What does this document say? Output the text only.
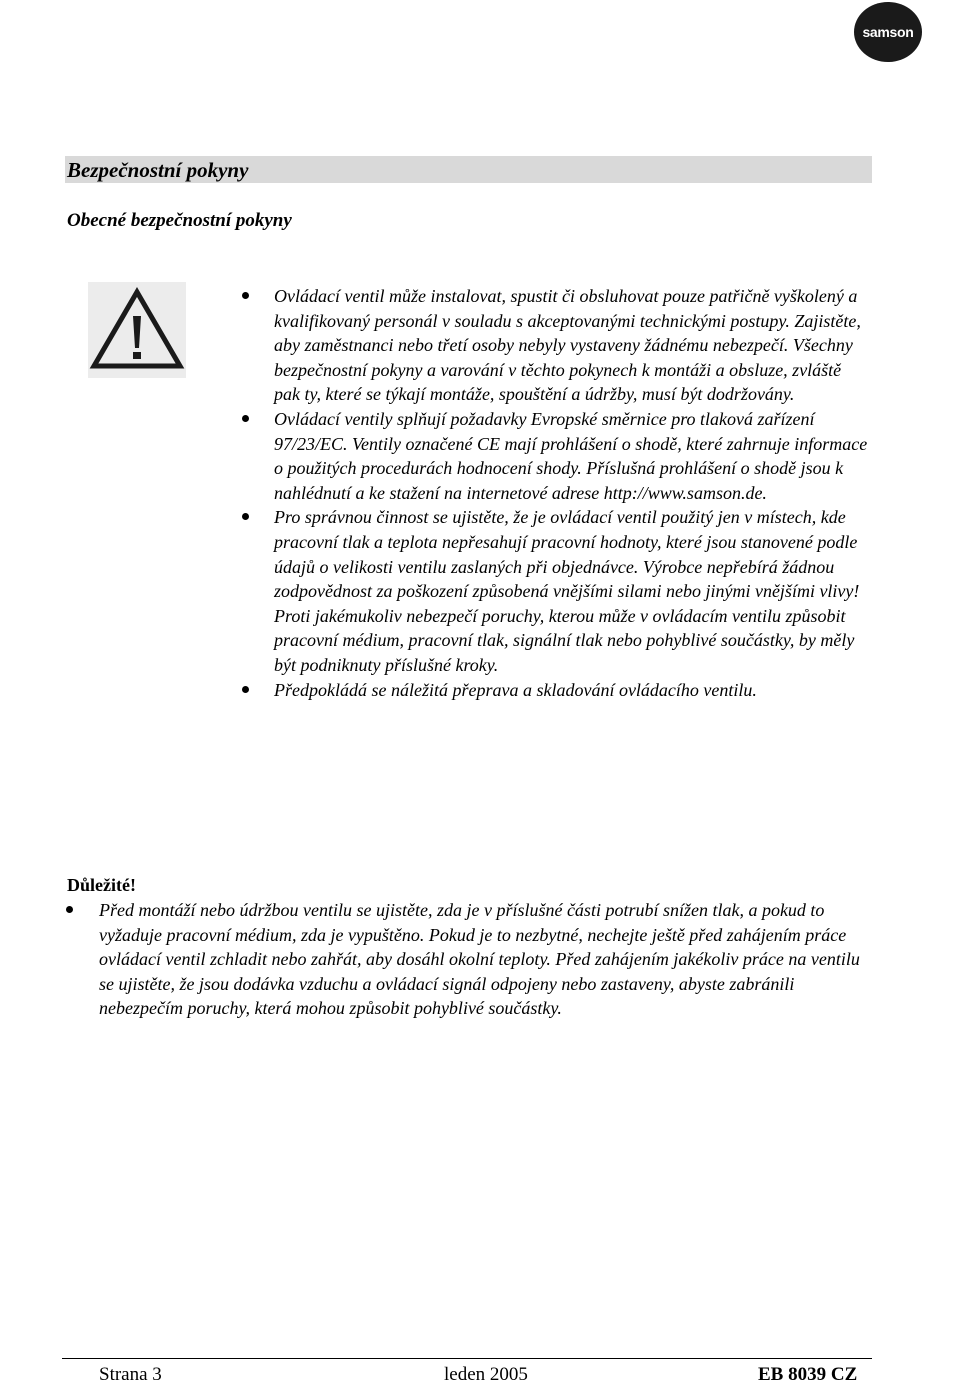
samson
Bezpečnostní pokyny
Obecné bezpečnostní pokyny
Ovládací ventil může instalovat, spustit či obsluhovat pouze patřičně vyškolený a kvalifikovaný personál v souladu s akceptovanými technickými postupy. Zajistěte, aby zaměstnanci nebo třetí osoby nebyly vystaveny žádnému nebezpečí. Všechny bezpečnostní pokyny a varování v těchto pokynech k montáži a obsluze, zvláště pak ty, které se týkají montáže, spouštění a údržby, musí být dodržovány.
Ovládací ventily splňují požadavky Evropské směrnice pro tlaková zařízení 97/23/EC. Ventily označené CE mají prohlášení o shodě, které zahrnuje informace o použitých procedurách hodnocení shody. Příslušná prohlášení o shodě jsou k nahlédnutí a ke stažení na internetové adrese http://www.samson.de.
Pro správnou činnost se ujistěte, že je ovládací ventil použitý jen v místech, kde pracovní tlak a teplota nepřesahují pracovní hodnoty, které jsou stanovené podle údajů o velikosti ventilu zaslaných při objednávce. Výrobce nepřebírá žádnou zodpovědnost za poškození způsobená vnějšími silami nebo jinými vnějšími vlivy! Proti jakémukoliv nebezpečí poruchy, kterou může v ovládacím ventilu způsobit pracovní médium, pracovní tlak, signální tlak nebo pohyblivé součástky, by měly být podniknuty příslušné kroky.
Předpokládá se náležitá přeprava a skladování ovládacího ventilu.
Důležité!
Před montáží nebo údržbou ventilu se ujistěte, zda je v příslušné části potrubí snížen tlak, a pokud to vyžaduje pracovní médium, zda je vypuštěno. Pokud je to nezbytné, nechejte ještě před zahájením práce ovládací ventil zchladit nebo zahřát, aby dosáhl okolní teploty. Před zahájením jakékoliv práce na ventilu se ujistěte, že jsou dodávka vzduchu a ovládací signál odpojeny nebo zastaveny, abyste zabránili nebezpečím poruchy, která mohou způsobit pohyblivé součástky.
Strana 3	leden 2005	EB 8039 CZ
